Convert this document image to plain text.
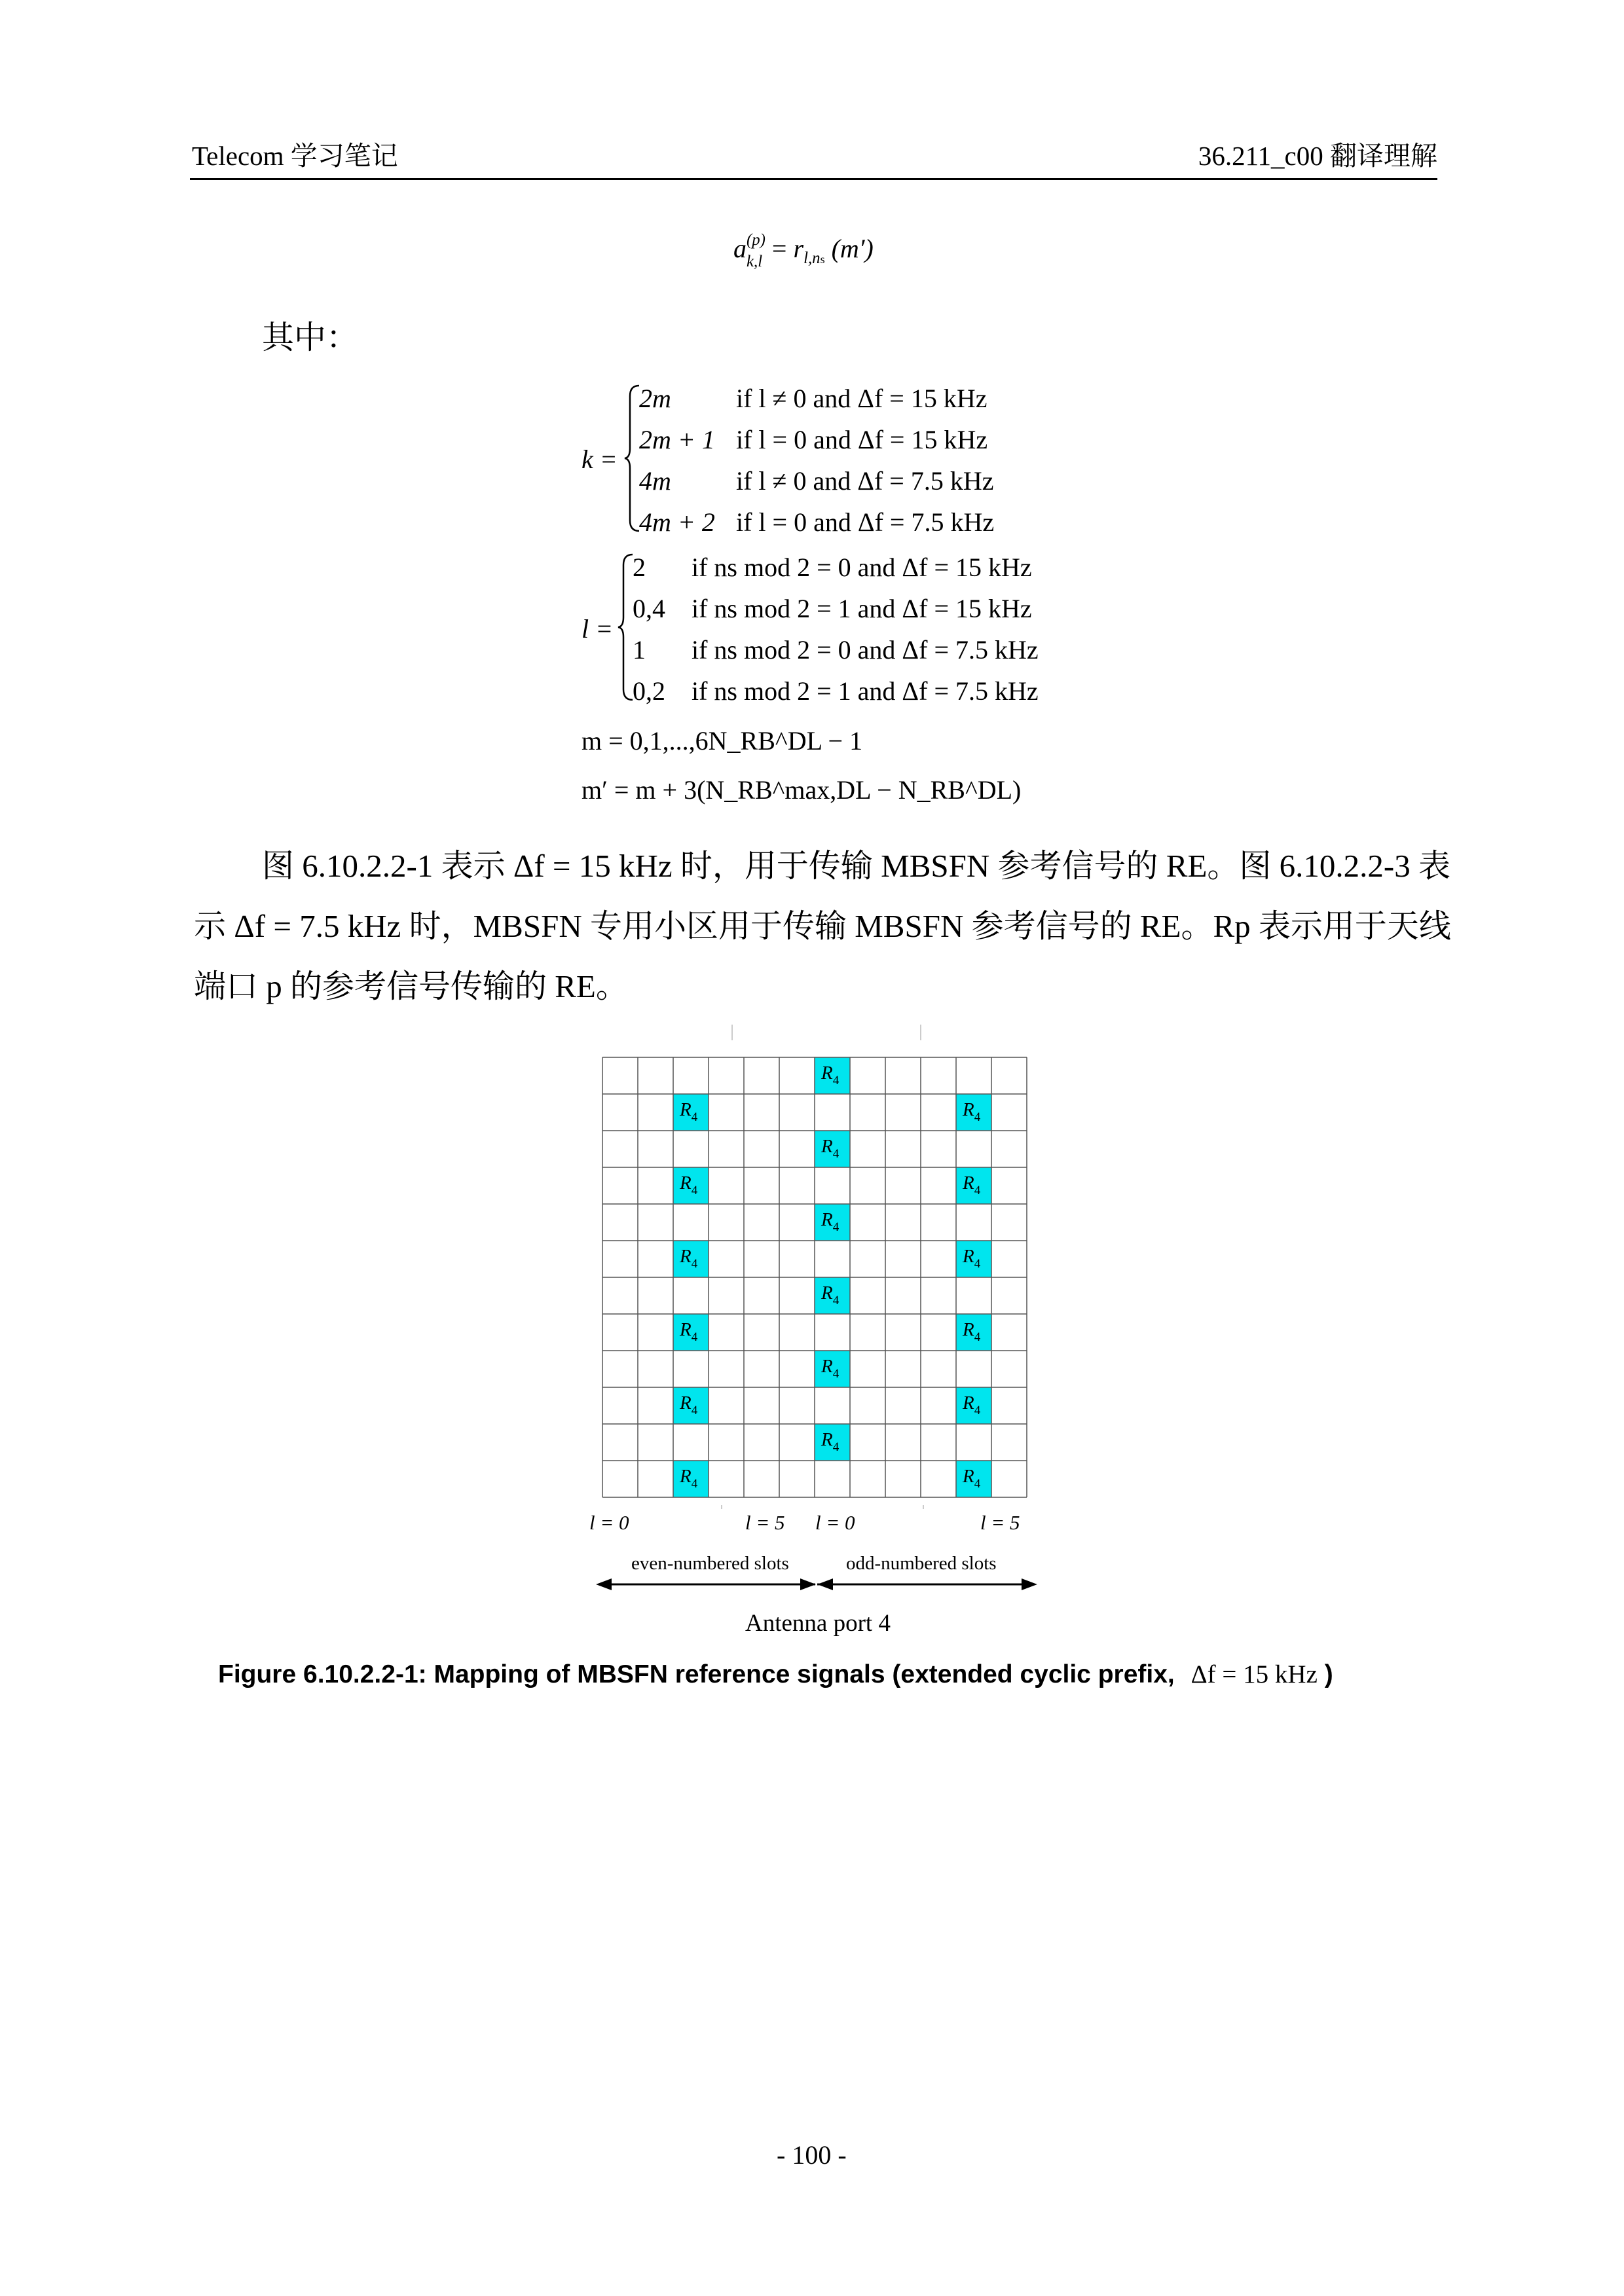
Telecom 学习笔记	36.211_c00 翻译理解
a (p)
$k,l = r_{l,ns}$ (m′)
其中：
k =
2m if l ≠ 0 and Δf = 15 kHz
2m + 1 if l = 0 and Δf = 15 kHz
4m if l ≠ 0 and Δf = 7.5 kHz
4m + 2 if l = 0 and Δf = 7.5 kHz
l =
2 if ns mod 2 = 0 and Δf = 15 kHz
0,4 if ns mod 2 = 1 and Δf = 15 kHz
1 if ns mod 2 = 0 and Δf = 7.5 kHz
0,2 if ns mod 2 = 1 and Δf = 7.5 kHz
m = 0,1,...,6N_RB^DL − 1
m′ = m + 3(N_RB^max,DL − N_RB^DL)
图 6.10.2.2-1 表示 Δf = 15 kHz 时，用于传输 MBSFN 参考信号的 RE。图 6.10.2.2-3 表
示 Δf = 7.5 kHz 时，MBSFN 专用小区用于传输 MBSFN 参考信号的 RE。Rp 表示用于天线
端口 p 的参考信号传输的 RE。
$R_4$
$R_4$	$R_4$
$R_4$
$R_4$	$R_4$
$R_4$
$R_4$	$R_4$
$R_4$
$R_4$	$R_4$
$R_4$
$R_4$	$R_4$
$R_4$
$R_4$	$R_4$
l = 0	l = 5 l = 0	l = 5
even-numbered slots	odd-numbered slots
Antenna port 4
Figure 6.10.2.2-1: Mapping of MBSFN reference signals (extended cyclic prefix, Δf = 15 kHz )
- 100 -
